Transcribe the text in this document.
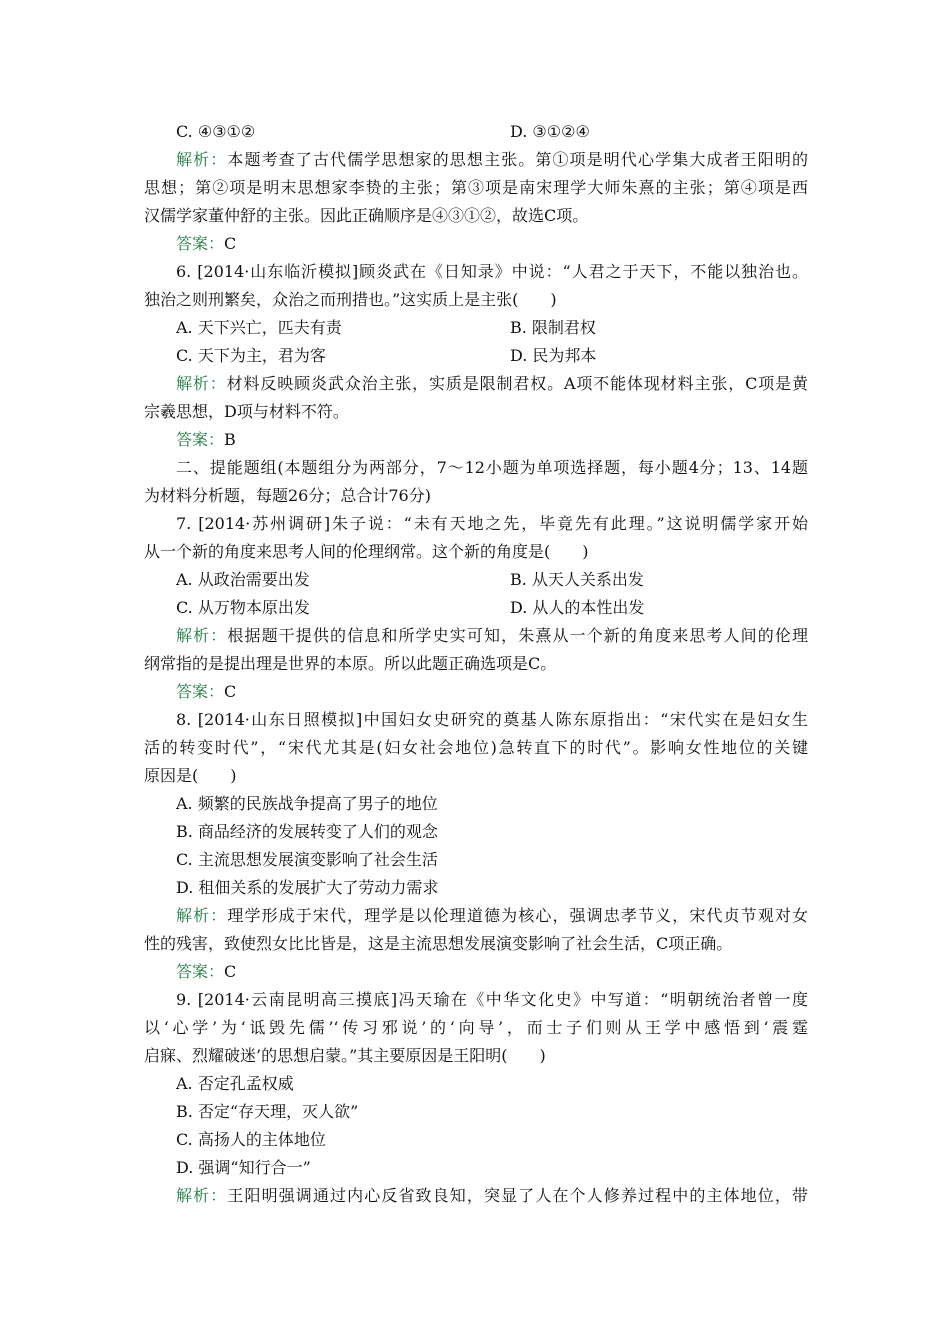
C. ④③①②	D. ③①②④
解析：本题考查了古代儒学思想家的思想主张。第①项是明代心学集大成者王阳明的
思想；第②项是明末思想家李贽的主张；第③项是南宋理学大师朱熹的主张；第④项是西
汉儒学家董仲舒的主张。因此正确顺序是④③①②，故选C项。
答案：C
6. [2014·山东临沂模拟]顾炎武在《日知录》中说：“人君之于天下，不能以独治也。
独治之则刑繁矣，众治之而刑措也。”这实质上是主张(　　)
A. 天下兴亡，匹夫有责	B. 限制君权
C. 天下为主，君为客	D. 民为邦本
解析：材料反映顾炎武众治主张，实质是限制君权。A项不能体现材料主张，C项是黄
宗羲思想，D项与材料不符。
答案：B
二、提能题组(本题组分为两部分，7～12小题为单项选择题，每小题4分；13、14题
为材料分析题，每题26分；总合计76分)
7. [2014·苏州调研]朱子说：“未有天地之先，毕竟先有此理。”这说明儒学家开始
从一个新的角度来思考人间的伦理纲常。这个新的角度是(　　)
A. 从政治需要出发	B. 从天人关系出发
C. 从万物本原出发	D. 从人的本性出发
解析：根据题干提供的信息和所学史实可知，朱熹从一个新的角度来思考人间的伦理
纲常指的是提出理是世界的本原。所以此题正确选项是C。
答案：C
8. [2014·山东日照模拟]中国妇女史研究的奠基人陈东原指出：“宋代实在是妇女生
活的转变时代”，“宋代尤其是(妇女社会地位)急转直下的时代”。影响女性地位的关键
原因是(　　)
A. 频繁的民族战争提高了男子的地位
B. 商品经济的发展转变了人们的观念
C. 主流思想发展演变影响了社会生活
D. 租佃关系的发展扩大了劳动力需求
解析：理学形成于宋代，理学是以伦理道德为核心，强调忠孝节义，宋代贞节观对女
性的残害，致使烈女比比皆是，这是主流思想发展演变影响了社会生活，C项正确。
答案：C
9. [2014·云南昆明高三摸底]冯天瑜在《中华文化史》中写道：“明朝统治者曾一度
以‘心学’为‘诋毁先儒’‘传习邪说’的‘向导’，而士子们则从王学中感悟到‘震霆
启寐、烈耀破迷’的思想启蒙。”其主要原因是王阳明(　　)
A. 否定孔孟权威
B. 否定“存天理，灭人欲”
C. 高扬人的主体地位
D. 强调“知行合一”
解析：王阳明强调通过内心反省致良知，突显了人在个人修养过程中的主体地位，带
